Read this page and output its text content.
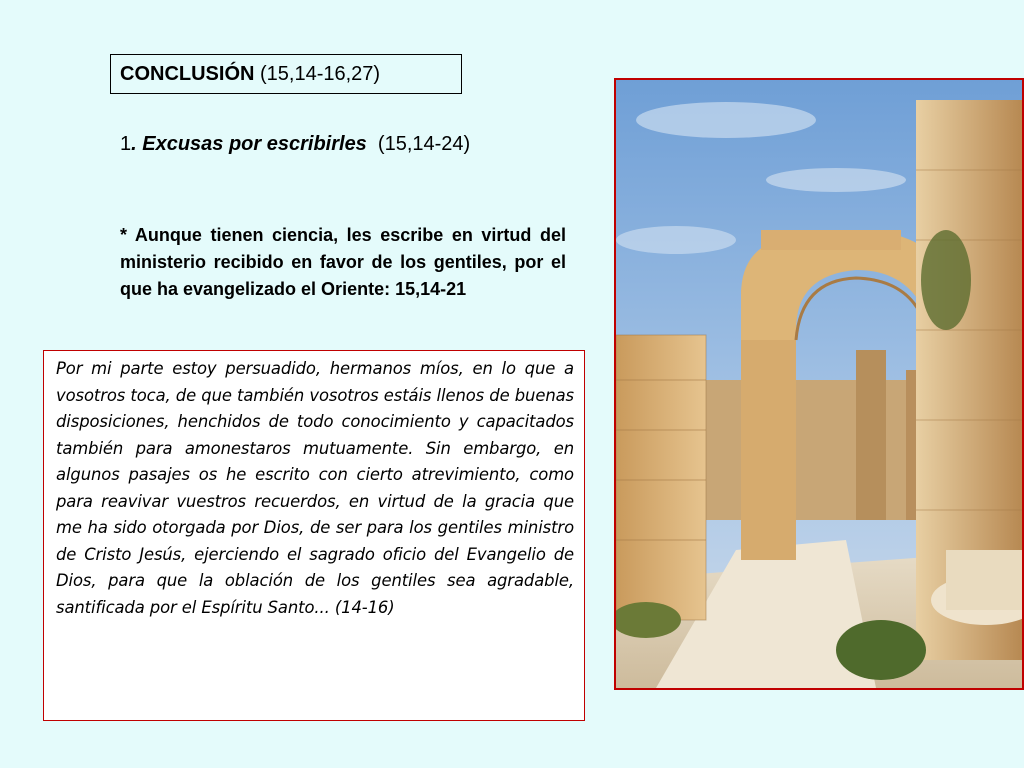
CONCLUSIÓN (15,14-16,27)
1. Excusas por escribirles  (15,14-24)
* Aunque tienen ciencia, les escribe en virtud del ministerio recibido en favor de los gentiles, por el que ha evangelizado el Oriente: 15,14-21

Por mi parte estoy persuadido, hermanos míos, en lo que a vosotros toca, de que también vosotros estáis llenos de buenas disposiciones, henchidos de todo conocimiento y capacitados también para amonestaros mutuamente. Sin embargo, en algunos pasajes os he escrito con cierto atrevimiento, como para reavivar vuestros recuerdos, en virtud de la gracia que me ha sido otorgada por Dios, de ser para los gentiles ministro de Cristo Jesús, ejerciendo el sagrado oficio del Evangelio de Dios, para que la oblación de los gentiles sea agradable, santificada por el Espíritu Santo... (14-16)
